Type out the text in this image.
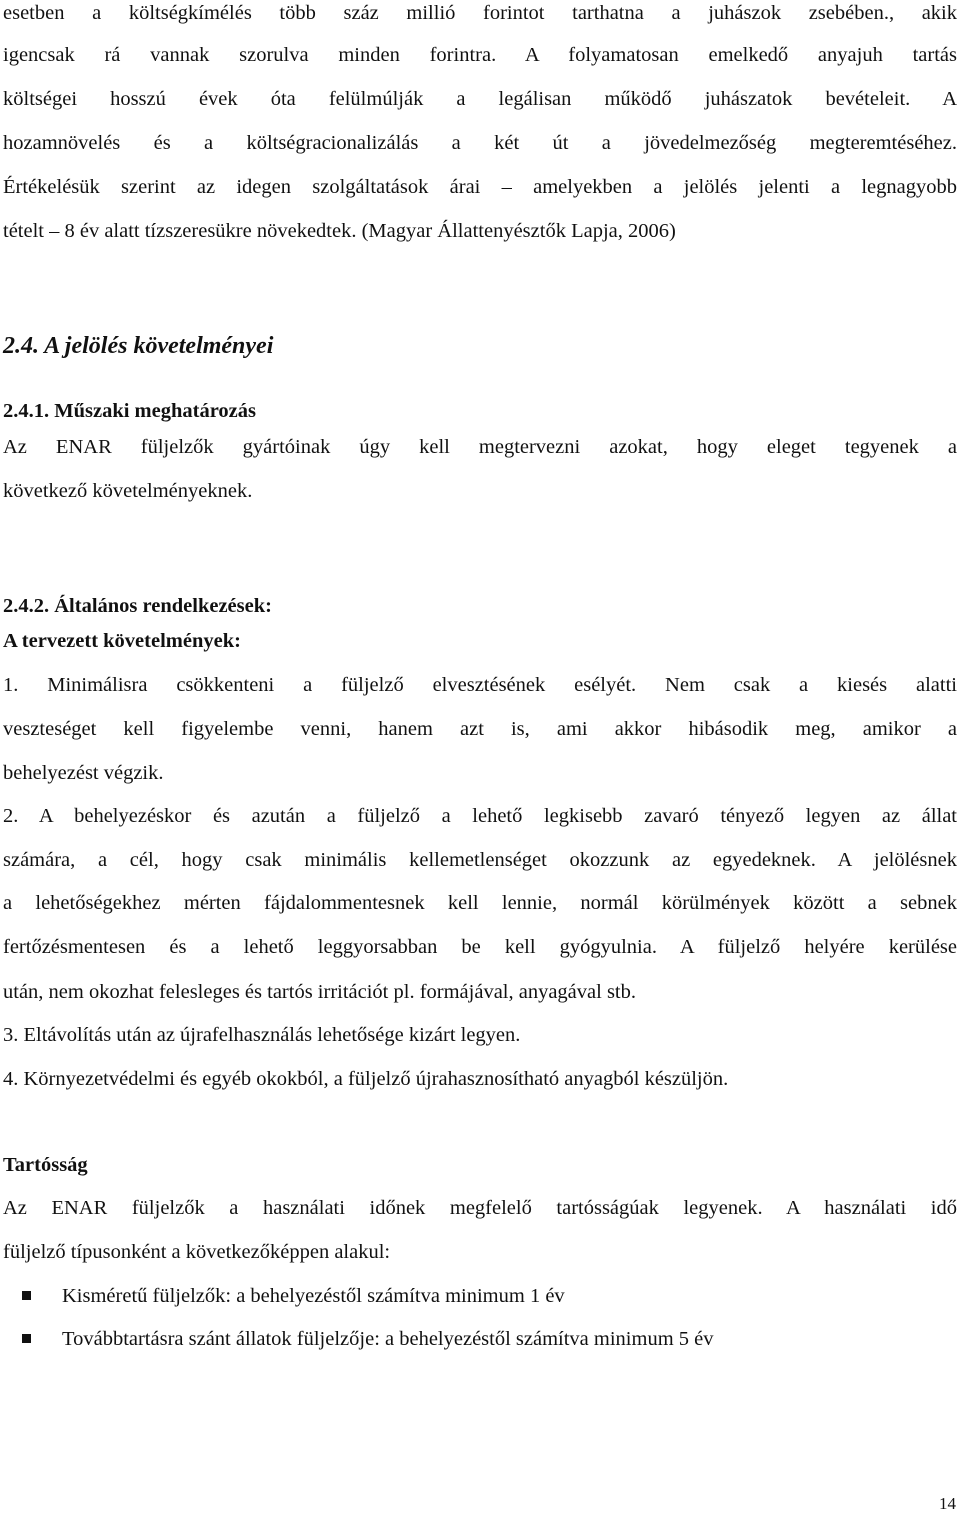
esetben a költségkímélés több száz millió forintot tarthatna a juhászok zsebében., akik
igencsak rá vannak szorulva minden forintra. A folyamatosan emelkedő anyajuh tartás
költségei hosszú évek óta felülmúlják a legálisan működő juhászatok bevételeit. A
hozamnövelés és a költségracionalizálás a két út a jövedelmezőség megteremtéséhez.
Értékelésük szerint az idegen szolgáltatások árai – amelyekben a jelölés jelenti a legnagyobb
tételt – 8 év alatt tízszeresükre növekedtek. (Magyar Állattenyésztők Lapja, 2006)
2.4. A jelölés követelményei
2.4.1. Műszaki meghatározás
Az ENAR füljelzők gyártóinak úgy kell megtervezni azokat, hogy eleget tegyenek a
következő követelményeknek.
2.4.2. Általános rendelkezések:
A tervezett követelmények:
1. Minimálisra csökkenteni a füljelző elvesztésének esélyét. Nem csak a kiesés alatti
veszteséget kell figyelembe venni, hanem azt is, ami akkor hibásodik meg, amikor a
behelyezést végzik.
2. A behelyezéskor és azután a füljelző a lehető legkisebb zavaró tényező legyen az állat
számára, a cél, hogy csak minimális kellemetlenséget okozzunk az egyedeknek. A jelölésnek
a lehetőségekhez mérten fájdalommentesnek kell lennie, normál körülmények között a sebnek
fertőzésmentesen és a lehető leggyorsabban be kell gyógyulnia. A füljelző helyére kerülése
után, nem okozhat felesleges és tartós irritációt pl. formájával, anyagával stb.
3. Eltávolítás után az újrafelhasználás lehetősége kizárt legyen.
4. Környezetvédelmi és egyéb okokból, a füljelző újrahasznosítható anyagból készüljön.
Tartósság
Az ENAR füljelzők a használati időnek megfelelő tartósságúak legyenek. A használati idő
füljelző típusonként a következőképpen alakul:
Kisméretű füljelzők: a behelyezéstől számítva minimum 1 év
Továbbtartásra szánt állatok füljelzője: a behelyezéstől számítva minimum 5 év
14
